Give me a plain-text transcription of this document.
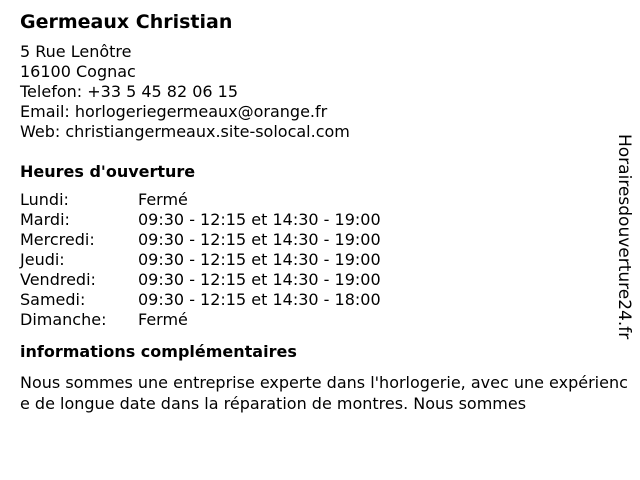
Germeaux Christian
5 Rue Lenôtre
16100 Cognac
Telefon: +33 5 45 82 06 15
Email: horlogeriegermeaux@orange.fr
Web: christiangermeaux.site-solocal.com
Heures d'ouverture
Lundi:	Fermé
Mardi:	09:30 - 12:15 et 14:30 - 19:00
Mercredi:	09:30 - 12:15 et 14:30 - 19:00
Jeudi:	09:30 - 12:15 et 14:30 - 19:00
Vendredi:	09:30 - 12:15 et 14:30 - 19:00
Samedi:	09:30 - 12:15 et 14:30 - 18:00
Dimanche:	Fermé
informations complémentaires
Nous sommes une entreprise experte dans l'horlogerie, avec une expérience de longue date dans la réparation de montres. Nous sommes
Horairesdouverture24.fr
